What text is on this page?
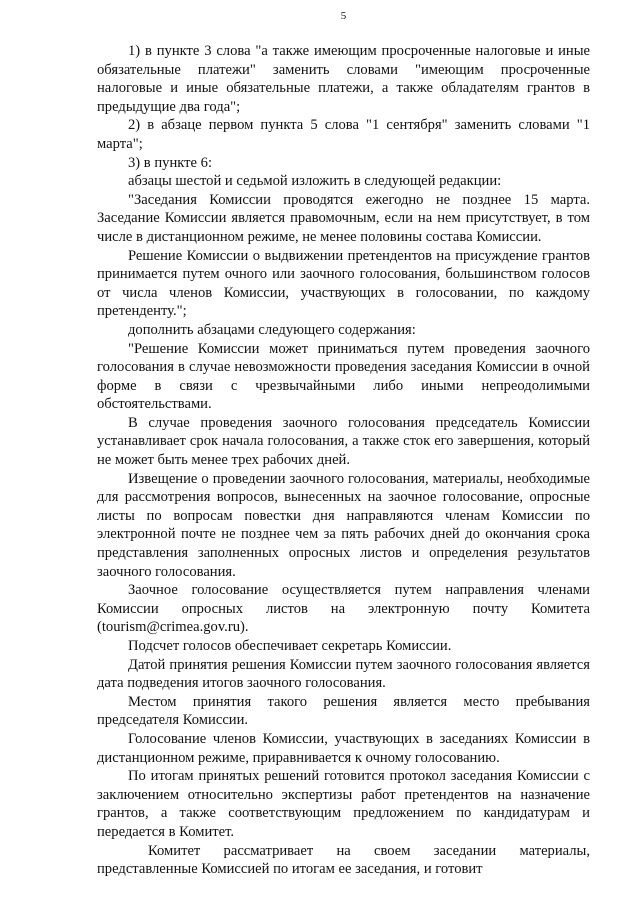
5

1) в пункте 3 слова "а также имеющим просроченные налоговые и иные обязательные платежи" заменить словами "имеющим просроченные налоговые и иные обязательные платежи, а также обладателям грантов в предыдущие два года";

2) в абзаце первом пункта 5 слова "1 сентября" заменить словами "1 марта";

3) в пункте 6:

абзацы шестой и седьмой изложить в следующей редакции:

"Заседания Комиссии проводятся ежегодно не позднее 15 марта. Заседание Комиссии является правомочным, если на нем присутствует, в том числе в дистанционном режиме, не менее половины состава Комиссии.

Решение Комиссии о выдвижении претендентов на присуждение грантов принимается путем очного или заочного голосования, большинством голосов от числа членов Комиссии, участвующих в голосовании, по каждому претенденту.";

дополнить абзацами следующего содержания:

"Решение Комиссии может приниматься путем проведения заочного голосования в случае невозможности проведения заседания Комиссии в очной форме в связи с чрезвычайными либо иными непреодолимыми обстоятельствами.

В случае проведения заочного голосования председатель Комиссии устанавливает срок начала голосования, а также сток его завершения, который не может быть менее трех рабочих дней.

Извещение о проведении заочного голосования, материалы, необходимые для рассмотрения вопросов, вынесенных на заочное голосование, опросные листы по вопросам повестки дня направляются членам Комиссии по электронной почте не позднее чем за пять рабочих дней до окончания срока представления заполненных опросных листов и определения результатов заочного голосования.

Заочное голосование осуществляется путем направления членами Комиссии опросных листов на электронную почту Комитета (tourism@crimea.gov.ru).

Подсчет голосов обеспечивает секретарь Комиссии.

Датой принятия решения Комиссии путем заочного голосования является дата подведения итогов заочного голосования.

Местом принятия такого решения является место пребывания председателя Комиссии.

Голосование членов Комиссии, участвующих в заседаниях Комиссии в дистанционном режиме, приравнивается к очному голосованию.

По итогам принятых решений готовится протокол заседания Комиссии с заключением относительно экспертизы работ претендентов на назначение грантов, а также соответствующим предложением по кандидатурам и передается в Комитет.

Комитет рассматривает на своем заседании материалы, представленные Комиссией по итогам ее заседания, и готовит
